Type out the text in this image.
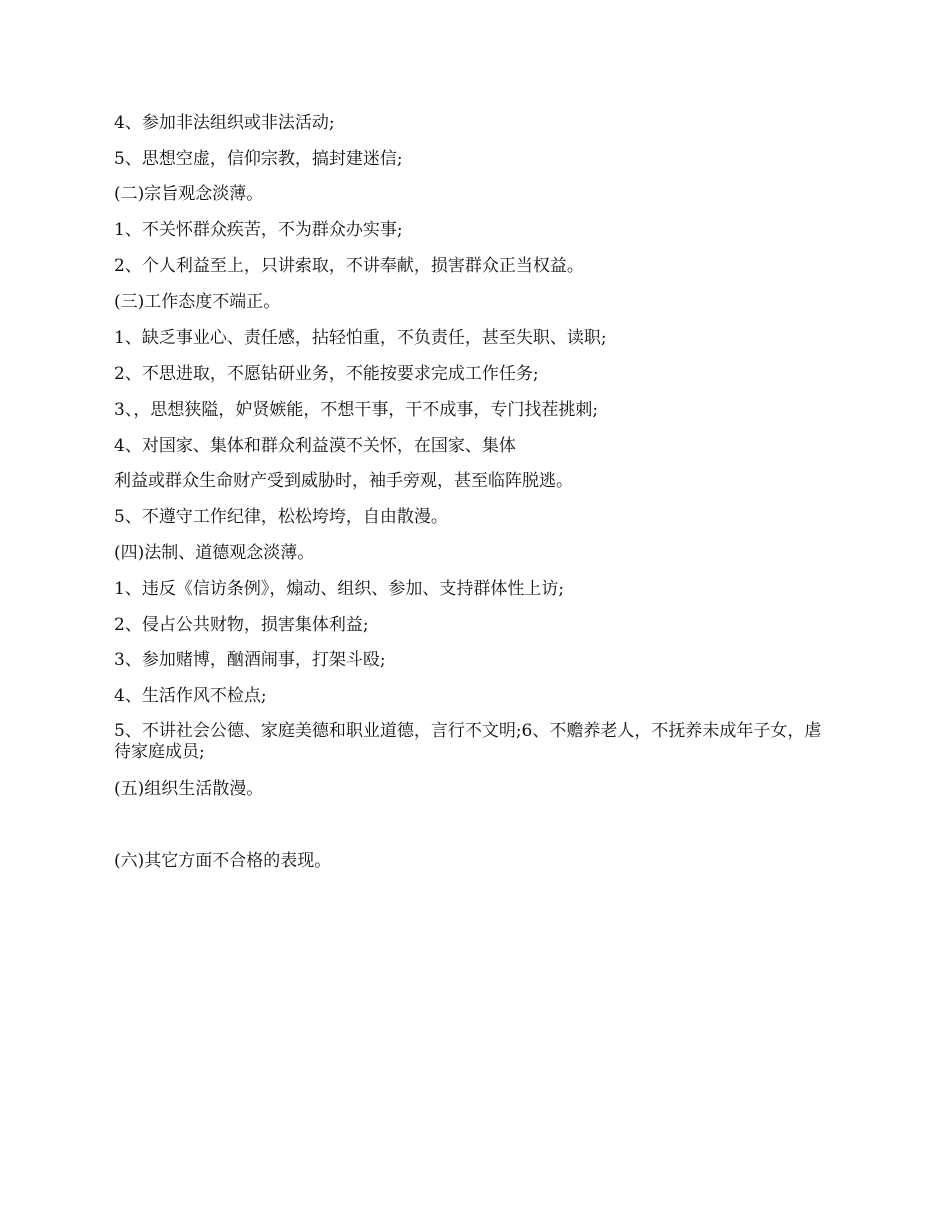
4、参加非法组织或非法活动;
5、思想空虚，信仰宗教，搞封建迷信;
(二)宗旨观念淡薄。
1、不关怀群众疾苦，不为群众办实事;
2、个人利益至上，只讲索取，不讲奉献，损害群众正当权益。
(三)工作态度不端正。
1、缺乏事业心、责任感，拈轻怕重，不负责任，甚至失职、读职;
2、不思进取，不愿钻研业务，不能按要求完成工作任务;
3、，思想狭隘，妒贤嫉能，不想干事，干不成事，专门找茬挑刺;
4、对国家、集体和群众利益漠不关怀，在国家、集体
利益或群众生命财产受到威胁时，袖手旁观，甚至临阵脱逃。
5、不遵守工作纪律，松松垮垮，自由散漫。
(四)法制、道德观念淡薄。
1、违反《信访条例》，煽动、组织、参加、支持群体性上访;
2、侵占公共财物，损害集体利益;
3、参加赌博，酗酒闹事，打架斗殴;
4、生活作风不检点;
5、不讲社会公德、家庭美德和职业道德，言行不文明;6、不赡养老人，不抚养未成年子女，虐待家庭成员;
(五)组织生活散漫。
(六)其它方面不合格的表现。
